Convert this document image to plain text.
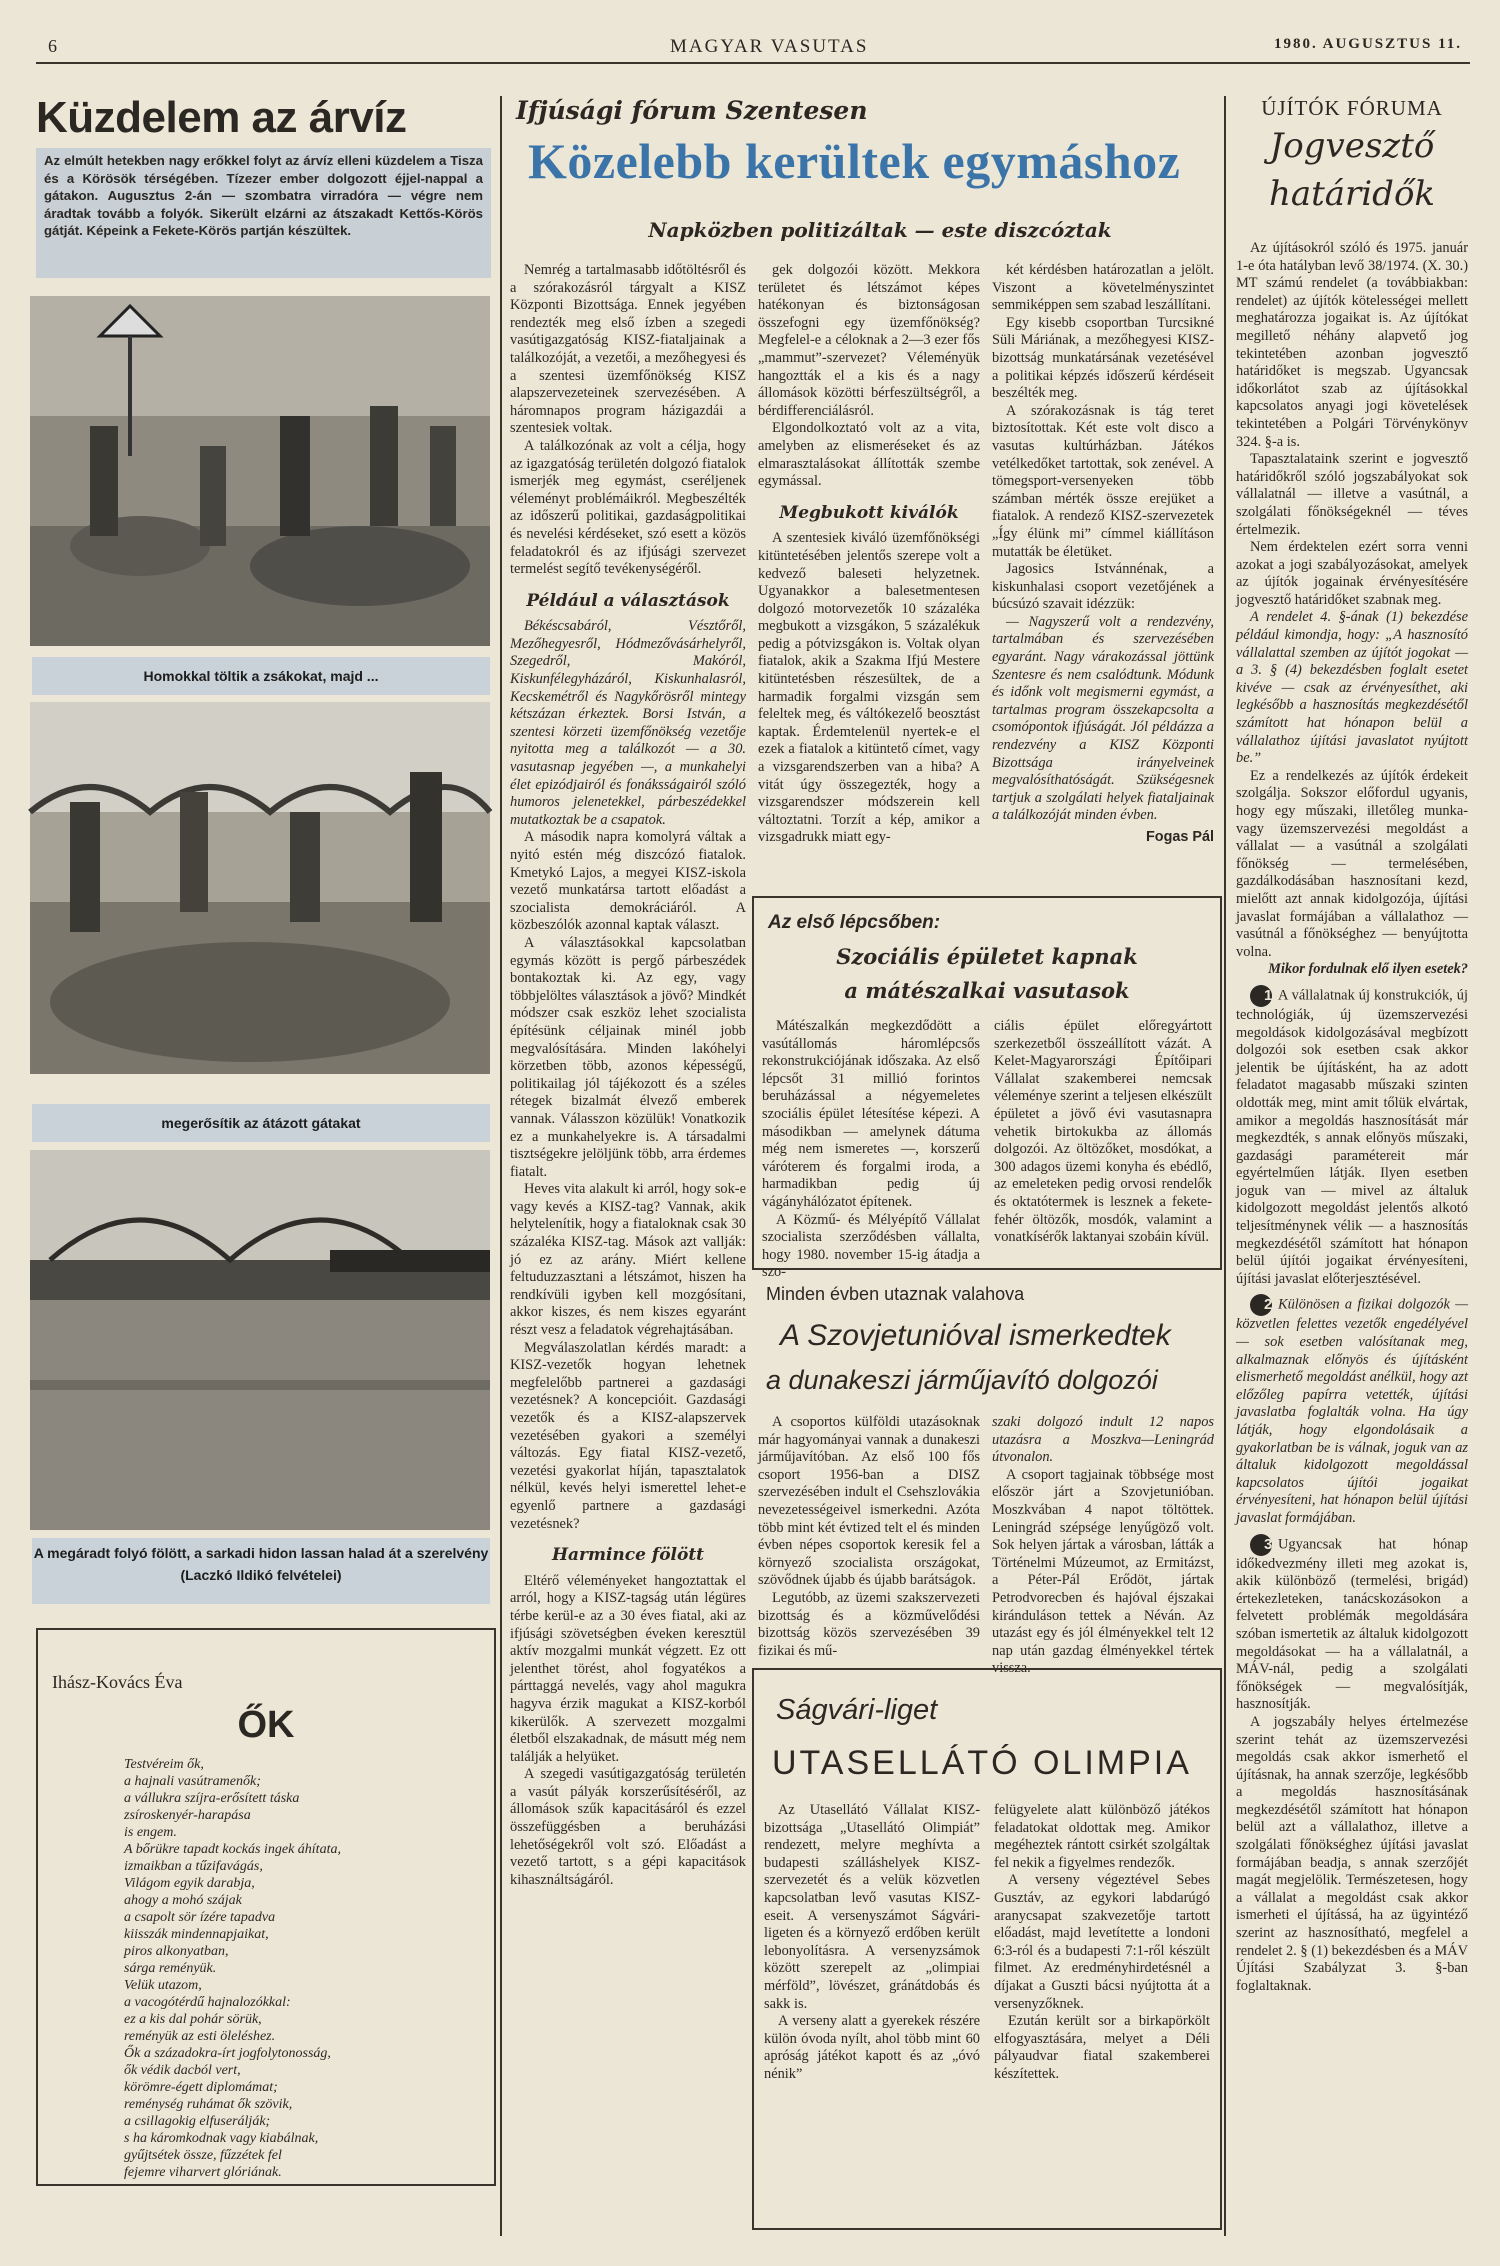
6	MAGYAR VASUTAS	1980. AUGUSZTUS 11.
Küzdelem az árvíz
Az elmúlt hetekben nagy erőkkel folyt az árvíz elleni küzdelem a Tisza és a Körösök térségében. Tízezer ember dolgozott éjjel-nappal a gátakon. Augusztus 2-án — szombatra virradóra — végre nem áradtak tovább a folyók. Sikerült elzárni az átszakadt Kettős-Körös gátját. Képeink a Fekete-Körös partján készültek.
Homokkal töltik a zsákokat, majd ...
megerősítik az átázott gátakat
A megáradt folyó fölött, a sarkadi hidon lassan halad át a szerelvény
(Laczkó Ildikó felvételei)
Ihász-Kovács Éva
ŐK
Testvéreim ők,
a hajnali vasútramenők;
a vállukra szíjra-erősített táska
zsíroskenyér-harapása
is engem.
A bőrükre tapadt kockás ingek áhítata,
izmaikban a tűzifavágás,
Világom egyik darabja,
ahogy a mohó szájak
a csapolt sör ízére tapadva
kiisszák mindennapjaikat,
piros alkonyatban,
sárga reményük.
Velük utazom,
a vacogótérdű hajnalozókkal:
ez a kis dal pohár sörük,
reményük az esti öleléshez.
Ők a századokra-írt jogfolytonosság,
ők védik dacból vert,
körömre-égett diplomámat;
reménység ruhámat ők szövik,
a csillagokig elfuserálják;
s ha káromkodnak vagy kiabálnak,
gyűjtsétek össze, fűzzétek fel
fejemre viharvert glóriának.
Ifjúsági fórum Szentesen
Közelebb kerültek egymáshoz
Napközben politizáltak — este diszcóztak

Nemrég a tartalmasabb időtöltésről és a szórakozásról tárgyalt a KISZ Központi Bizottsága. Ennek jegyében rendezték meg első ízben a szegedi vasútigazgatóság KISZ-fiataljainak a találkozóját, a vezetői, a mezőhegyesi és a szentesi üzemfőnökség KISZ alapszervezeteinek szervezésében. A háromnapos program házigazdái a szentesiek voltak.

A találkozónak az volt a célja, hogy az igazgatóság területén dolgozó fiatalok ismerjék meg egymást, cseréljenek véleményt problémáikról. Megbeszélték az időszerű politikai, gazdaságpolitikai és nevelési kérdéseket, szó esett a közös feladatokról és az ifjúsági szervezet termelést segítő tevékenységéről.

Például a választások

Békéscsabáról, Vésztőről, Mezőhegyesről, Hódmezővásárhelyről, Szegedről, Makóról, Kiskunfélegyházáról, Kiskunhalasról, Kecskemétről és Nagykőrösről mintegy kétszázan érkeztek. Borsi István, a szentesi körzeti üzemfőnökség vezetője nyitotta meg a találkozót — a 30. vasutasnap jegyében —, a munkahelyi élet epizódjairól és fonáksságairól szóló humoros jelenetekkel, párbeszédekkel mutatkoztak be a csapatok.

A második napra komolyrá váltak a nyitó estén még diszcózó fiatalok. Kmetykó Lajos, a megyei KISZ-iskola vezető munkatársa tartott előadást a szocialista demokráciáról. A közbeszólók azonnal kaptak választ.

A választásokkal kapcsolatban egymás között is pergő párbeszédek bontakoztak ki. Az egy, vagy többjelöltes választások a jövő? Mindkét módszer csak eszköz lehet szocialista építésünk céljainak minél jobb megvalósítására. Minden lakóhelyi körzetben több, azonos képességű, politikailag jól tájékozott és a széles rétegek bizalmát élvező emberek vannak. Válasszon közülük! Vonatkozik ez a munkahelyekre is. A társadalmi tisztségekre jelöljünk több, arra érdemes fiatalt.

Heves vita alakult ki arról, hogy sok-e vagy kevés a KISZ-tag? Vannak, akik helytelenítik, hogy a fiataloknak csak 30 százaléka KISZ-tag. Mások azt vallják: jó ez az arány. Miért kellene feltuduzzasztani a létszámot, hiszen ha rendkívüli igyben kell mozgósítani, akkor kiszes, és nem kiszes egyaránt részt vesz a feladatok végrehajtásában.

Megválaszolatlan kérdés maradt: a KISZ-vezetők hogyan lehetnek megfelelőbb partnerei a gazdasági vezetésnek? A koncepcióit. Gazdasági vezetők és a KISZ-alapszervek vezetésében gyakori a személyi változás. Egy fiatal KISZ-vezető, vezetési gyakorlat híján, tapasztalatok nélkül, kevés helyi ismerettel lehet-e egyenlő partnere a gazdasági vezetésnek?

Harmince fölött

Eltérő véleményeket hangoztattak el arról, hogy a KISZ-tagság után légüres térbe kerül-e az a 30 éves fiatal, aki az ifjúsági szövetségben éveken keresztül aktív mozgalmi munkát végzett. Ez ott jelenthet törést, ahol fogyatékos a párttaggá nevelés, vagy ahol magukra hagyva érzik magukat a KISZ-korból kikerülők. A szervezett mozgalmi életből elszakadnak, de másutt még nem találják a helyüket.

A szegedi vasútigazgatóság területén a vasút pályák korszerűsítéséről, az állomások szűk kapacitásáról és ezzel összefüggésben a beruházási lehetőségekről volt szó. Előadást a vezető tartott, s a gépi kapacitások kihasználtságáról.

gek dolgozói között. Mekkora területet és létszámot képes hatékonyan és biztonságosan összefogni egy üzemfőnökség? Megfelel-e a céloknak a 2—3 ezer fős „mammut”-szervezet? Véleményük hangoztták el a kis és a nagy állomások közötti bérfeszültségről, a bérdifferenciálásról.

Elgondolkoztató volt az a vita, amelyben az elismeréseket és az elmarasztalásokat állították szembe egymással.

Megbukott kiválók

A szentesiek kiváló üzemfőnökségi kitüntetésében jelentős szerepe volt a kedvező baleseti helyzetnek. Ugyanakkor a balesetmentesen dolgozó motorvezetők 10 százaléka megbukott a vizsgákon, 5 százalékuk pedig a pótvizsgákon is. Voltak olyan fiatalok, akik a Szakma Ifjú Mestere kitüntetésben részesültek, de a harmadik forgalmi vizsgán sem feleltek meg, és váltókezelő beosztást kaptak. Érdemtelenül nyertek-e el ezek a fiatalok a kitüntető címet, vagy a vizsgarendszerben van a hiba? A vitát úgy összegezték, hogy a vizsgarendszer módszerein kell változtatni. Torzít a kép, amikor a vizsgadrukk miatt egy-

két kérdésben határozatlan a jelölt. Viszont a követelményszintet semmiképpen sem szabad leszállítani.

Egy kisebb csoportban Turcsikné Süli Máriának, a mezőhegyesi KISZ-bizottság munkatársának vezetésével a politikai képzés időszerű kérdéseit beszélték meg.

A szórakozásnak is tág teret biztosítottak. Két este volt disco a vasutas kultúrházban. Játékos vetélkedőket tartottak, sok zenével. A tömegsport-versenyeken több számban mérték össze erejüket a fiatalok. A rendező KISZ-szervezetek „Így élünk mi” címmel kiállításon mutatták be életüket.

Jagosics Istvánnénak, a kiskunhalasi csoport vezetőjének a búcsúzó szavait idézzük:

— Nagyszerű volt a rendezvény, tartalmában és szervezésében egyaránt. Nagy várakozással jöttünk Szentesre és nem csalódtunk. Módunk és időnk volt megismerni egymást, a tartalmas program összekapcsolta a csomópontok ifjúságát. Jól példázza a rendezvény a KISZ Központi Bizottsága irányelveinek megvalósíthatóságát. Szükségesnek tartjuk a szolgálati helyek fiataljainak a találkozóját minden évben.

Fogas Pál
Az első lépcsőben:
Szociális épületet kapnak
a mátészalkai vasutasok

Mátészalkán megkezdődött a vasútállomás háromlépcsős rekonstrukciójának időszaka. Az első lépcsőt 31 millió forintos beruházással a négyemeletes szociális épület létesítése képezi. A másodikban — amelynek dátuma még nem ismeretes —, korszerű váróterem és forgalmi iroda, a harmadikban pedig új vágányhálózatot építenek.

A Közmű- és Mélyépítő Vállalat szocialista szerződésben vállalta, hogy 1980. november 15-ig átadja a szo-

ciális épület előregyártott szerkezetből összeállított vázát. A Kelet-Magyarországi Építőipari Vállalat szakemberei nemcsak véleménye szerint a teljesen elkészült épületet a jövő évi vasutasnapra vehetik birtokukba az állomás dolgozói. Az öltözőket, mosdókat, a 300 adagos üzemi konyha és ebédlő, az emeleteken pedig orvosi rendelők és oktatótermek is lesznek a fekete-fehér öltözők, mosdók, valamint a vonatkísérők laktanyai szobáin kívül.

Minden évben utaznak valahova
A Szovjetunióval ismerkedtek
a dunakeszi járműjavító dolgozói

A csoportos külföldi utazásoknak már hagyományai vannak a dunakeszi járműjavítóban. Az első 100 fős csoport 1956-ban a DISZ szervezésében indult el Csehszlovákia nevezetességeivel ismerkedni. Azóta több mint két évtized telt el és minden évben népes csoportok keresik fel a környező szocialista országokat, szövődnek újabb és újabb barátságok.

Legutóbb, az üzemi szakszervezeti bizottság és a közművelődési bizottság közös szervezésében 39 fizikai és mű-

szaki dolgozó indult 12 napos utazásra a Moszkva—Leningrád útvonalon.

A csoport tagjainak többsége most először járt a Szovjetunióban. Moszkvában 4 napot töltöttek. Leningrád szépsége lenyűgöző volt. Sok helyen jártak a városban, látták a Történelmi Múzeumot, az Ermitázst, a Péter-Pál Erődöt, jártak Petrodvorecben és hajóval éjszakai kiránduláson tettek a Néván. Az utazást egy és jól élményekkel telt 12 nap után gazdag élményekkel tértek vissza.

Ságvári-liget
UTASELLÁTÓ OLIMPIA

Az Utasellátó Vállalat KISZ-bizottsága „Utasellátó Olimpiát” rendezett, melyre meghívta a budapesti szálláshelyek KISZ-szervezetét és a velük közvetlen kapcsolatban levő vasutas KISZ-eseit. A versenyszámot Ságvári-ligeten és a környező erdőben került lebonyolításra. A versenyzsámok között szerepelt az „olimpiai mérföld”, lövészet, gránátdobás és sakk is.

A verseny alatt a gyerekek részére külön óvoda nyílt, ahol több mint 60 apróság játékot kapott és az „óvó nénik”

felügyelete alatt különböző játékos feladatokat oldottak meg. Amikor megéheztek rántott csirkét szolgáltak fel nekik a figyelmes rendezők.

A verseny végeztével Sebes Gusztáv, az egykori labdarúgó aranycsapat szakvezetője tartott előadást, majd levetítette a londoni 6:3-ról és a budapesti 7:1-ről készült filmet. Az eredményhirdetésnél a díjakat a Guszti bácsi nyújtotta át a versenyzőknek.

Ezután került sor a birkapörkölt elfogyasztására, melyet a Déli pályaudvar fiatal szakemberei készítettek.

ÚJÍTÓK FÓRUMA
Jogvesztő
határidők

Az újításokról szóló és 1975. január 1-e óta hatályban levő 38/1974. (X. 30.) MT számú rendelet (a továbbiakban: rendelet) az újítók kötelességei mellett meghatározza jogaikat is. Az újítókat megillető néhány alapvető jog tekintetében azonban jogvesztő határidőket is megszab. Ugyancsak időkorlátot szab az újításokkal kapcsolatos anyagi jogi követelések tekintetében a Polgári Törvénykönyv 324. §-a is.

Tapasztalataink szerint e jogvesztő határidőkről szóló jogszabályokat sok vállalatnál — illetve a vasútnál, a szolgálati főnökségeknél — téves értelmezik.

Nem érdektelen ezért sorra venni azokat a jogi szabályozásokat, amelyek az újítók jogainak érvényesítésére jogvesztő határidőket szabnak meg.

A rendelet 4. §-ának (1) bekezdése például kimondja, hogy: „A hasznosító vállalattal szemben az újítót jogokat — a 3. § (4) bekezdésben foglalt esetet kivéve — csak az érvényesíthet, aki legkésőbb a hasznosítás megkezdésétől számított hat hónapon belül a vállalathoz újítási javaslatot nyújtott be.”

Ez a rendelkezés az újítók érdekeit szolgálja. Sokszor előfordul ugyanis, hogy egy műszaki, illetőleg munka- vagy üzemszervezési megoldást a vállalat — a vasútnál a szolgálati főnökség — termelésében, gazdálkodásában hasznosítani kezd, mielőtt azt annak kidolgozója, újítási javaslat formájában a vállalathoz — vasútnál a főnökséghez — benyújtotta volna.

Mikor fordulnak elő ilyen esetek?

1 A vállalatnak új konstrukciók, új technológiák, új üzemszervezési megoldások kidolgozásával megbízott dolgozói sok esetben csak akkor jelentik be újításként, ha az adott feladatot magasabb műszaki szinten oldották meg, mint amit tőlük elvártak, amikor a megoldás hasznosítását már megkezdték, s annak előnyös műszaki, gazdasági paramétereit már egyértelműen látják. Ilyen esetben joguk van — mivel az általuk kidolgozott megoldást jelentős alkotó teljesítménynek vélik — a hasznosítás megkezdésétől számított hat hónapon belül újítói jogaikat érvényesíteni, újítási javaslat előterjesztésével.

2 Különösen a fizikai dolgozók — közvetlen felettes vezetők engedélyével — sok esetben valósítanak meg, alkalmaznak előnyös és újításként elismerhető megoldást anélkül, hogy azt előzőleg papírra vetették, újítási javaslatba foglalták volna. Ha úgy látják, hogy elgondolásaik a gyakorlatban be is válnak, joguk van az általuk kidolgozott megoldással kapcsolatos újítói jogaikat érvényesíteni, hat hónapon belül újítási javaslat formájában.

3 Ugyancsak hat hónap időkedvezmény illeti meg azokat is, akik különböző (termelési, brigád) értekezleteken, tanácskozásokon a felvetett problémák megoldására szóban ismertetik az általuk kidolgozott megoldásokat — ha a vállalatnál, a MÁV-nál, pedig a szolgálati főnökségek — megvalósítják, hasznosítják.

A jogszabály helyes értelmezése szerint tehát az üzemszervezési megoldás csak akkor ismerhető el újításnak, ha annak szerzője, legkésőbb a megoldás hasznosításának megkezdésétől számított hat hónapon belül azt a vállalathoz, illetve a szolgálati főnökséghez újítási javaslat formájában beadja, s annak szerzőjét magát megjelölik. Természetesen, hogy a vállalat a megoldást csak akkor ismerheti el újítássá, ha az ügyintéző szerint az hasznosítható, megfelel a rendelet 2. § (1) bekezdésben és a MÁV Újítási Szabályzat 3. §-ban foglaltaknak.
